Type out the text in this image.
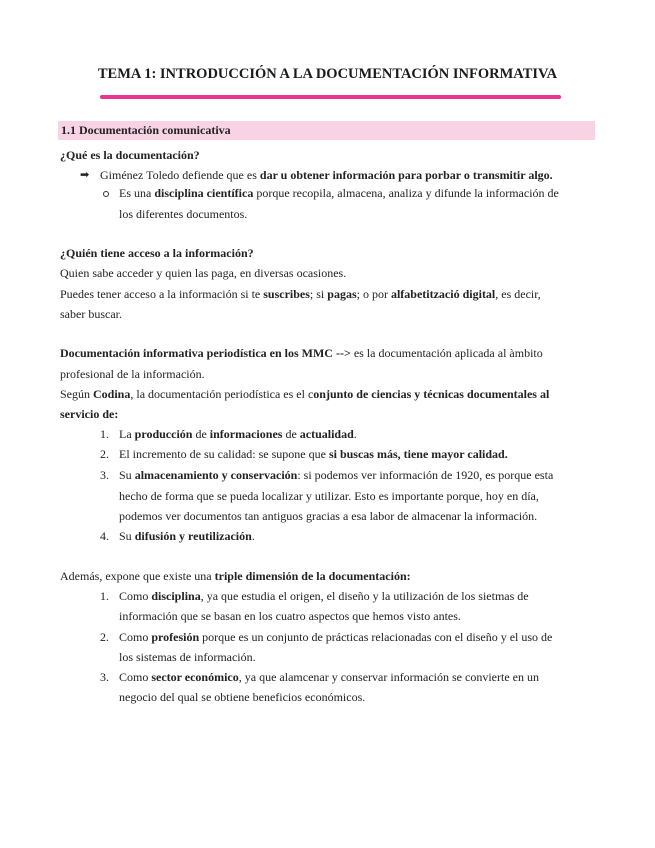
TEMA 1: INTRODUCCIÓN A LA DOCUMENTACIÓN INFORMATIVA
1.1 Documentación comunicativa
¿Qué es la documentación?
➡ Giménez Toledo defiende que es dar u obtener información para porbar o transmitir algo.
Es una disciplina científica porque recopila, almacena, analiza y difunde la información de
los diferentes documentos.
¿Quién tiene acceso a la información?
Quien sabe acceder y quien las paga, en diversas ocasiones.
Puedes tener acceso a la información si te suscribes; si pagas; o por alfabetització digital, es decir,
saber buscar.
Documentación informativa periodística en los MMC --> es la documentación aplicada al àmbito
profesional de la información.
Según Codina, la documentación periodística es el conjunto de ciencias y técnicas documentales al
servicio de:
1. La producción de informaciones de actualidad.
2. El incremento de su calidad: se supone que si buscas más, tiene mayor calidad.
3. Su almacenamiento y conservación: si podemos ver información de 1920, es porque esta
hecho de forma que se pueda localizar y utilizar. Esto es importante porque, hoy en día,
podemos ver documentos tan antiguos gracias a esa labor de almacenar la información.
4. Su difusión y reutilización.
Además, expone que existe una triple dimensión de la documentación:
1. Como disciplina, ya que estudia el origen, el diseño y la utilización de los sietmas de
información que se basan en los cuatro aspectos que hemos visto antes.
2. Como profesión porque es un conjunto de prácticas relacionadas con el diseño y el uso de
los sistemas de información.
3. Como sector económico, ya que alamcenar y conservar información se convierte en un
negocio del qual se obtiene beneficios económicos.
